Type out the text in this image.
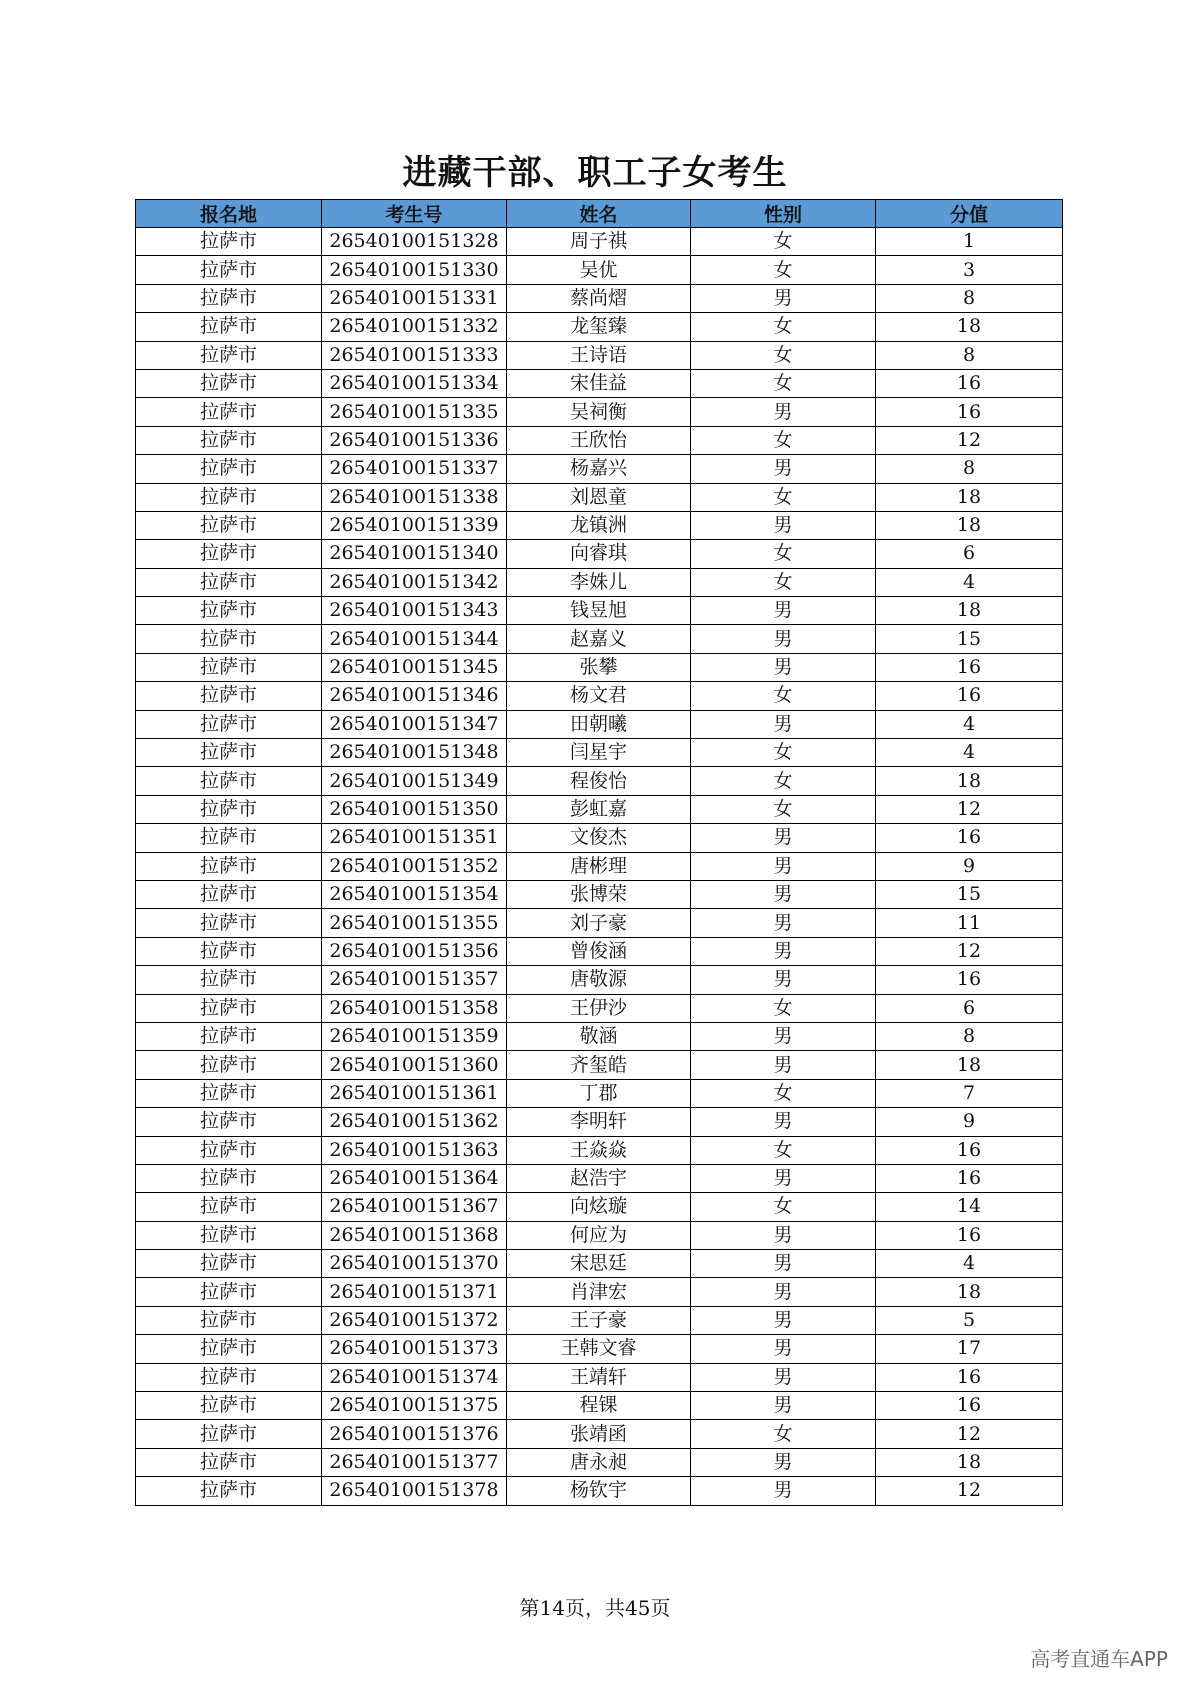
进藏干部、职工子女考生
报名地	考生号	姓名	性别	分值
拉萨市	26540100151328	周子祺	女	1
拉萨市	26540100151330	吴优	女	3
拉萨市	26540100151331	蔡尚熠	男	8
拉萨市	26540100151332	龙玺臻	女	18
拉萨市	26540100151333	王诗语	女	8
拉萨市	26540100151334	宋佳益	女	16
拉萨市	26540100151335	吴祠衡	男	16
拉萨市	26540100151336	王欣怡	女	12
拉萨市	26540100151337	杨嘉兴	男	8
拉萨市	26540100151338	刘恩童	女	18
拉萨市	26540100151339	龙镇洲	男	18
拉萨市	26540100151340	向睿琪	女	6
拉萨市	26540100151342	李姝儿	女	4
拉萨市	26540100151343	钱昱旭	男	18
拉萨市	26540100151344	赵嘉义	男	15
拉萨市	26540100151345	张攀	男	16
拉萨市	26540100151346	杨文君	女	16
拉萨市	26540100151347	田朝曦	男	4
拉萨市	26540100151348	闫星宇	女	4
拉萨市	26540100151349	程俊怡	女	18
拉萨市	26540100151350	彭虹嘉	女	12
拉萨市	26540100151351	文俊杰	男	16
拉萨市	26540100151352	唐彬理	男	9
拉萨市	26540100151354	张博荣	男	15
拉萨市	26540100151355	刘子豪	男	11
拉萨市	26540100151356	曾俊涵	男	12
拉萨市	26540100151357	唐敬源	男	16
拉萨市	26540100151358	王伊沙	女	6
拉萨市	26540100151359	敬涵	男	8
拉萨市	26540100151360	齐玺皓	男	18
拉萨市	26540100151361	丁郡	女	7
拉萨市	26540100151362	李明轩	男	9
拉萨市	26540100151363	王焱焱	女	16
拉萨市	26540100151364	赵浩宇	男	16
拉萨市	26540100151367	向炫璇	女	14
拉萨市	26540100151368	何应为	男	16
拉萨市	26540100151370	宋思廷	男	4
拉萨市	26540100151371	肖津宏	男	18
拉萨市	26540100151372	王子豪	男	5
拉萨市	26540100151373	王韩文睿	男	17
拉萨市	26540100151374	王靖轩	男	16
拉萨市	26540100151375	程锞	男	16
拉萨市	26540100151376	张靖函	女	12
拉萨市	26540100151377	唐永昶	男	18
拉萨市	26540100151378	杨钦宇	男	12
第14页，共45页
高考直通车APP
